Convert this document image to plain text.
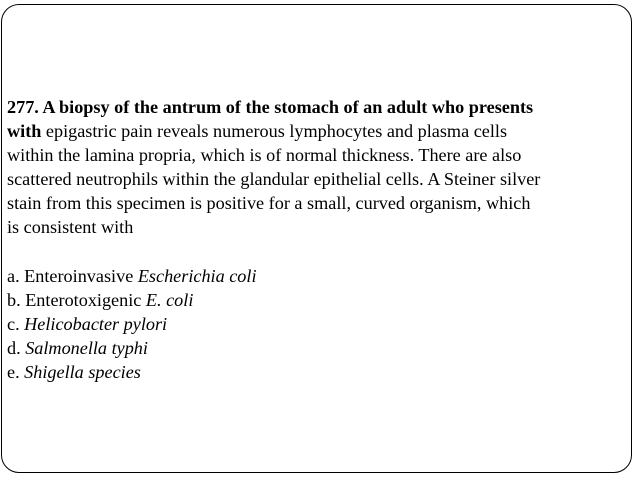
277. A biopsy of the antrum of the stomach of an adult who presents
with epigastric pain reveals numerous lymphocytes and plasma cells
within the lamina propria, which is of normal thickness. There are also
scattered neutrophils within the glandular epithelial cells. A Steiner silver
stain from this specimen is positive for a small, curved organism, which
is consistent with
a. Enteroinvasive Escherichia coli
b. Enterotoxigenic E. coli
c. Helicobacter pylori
d. Salmonella typhi
e. Shigella species
